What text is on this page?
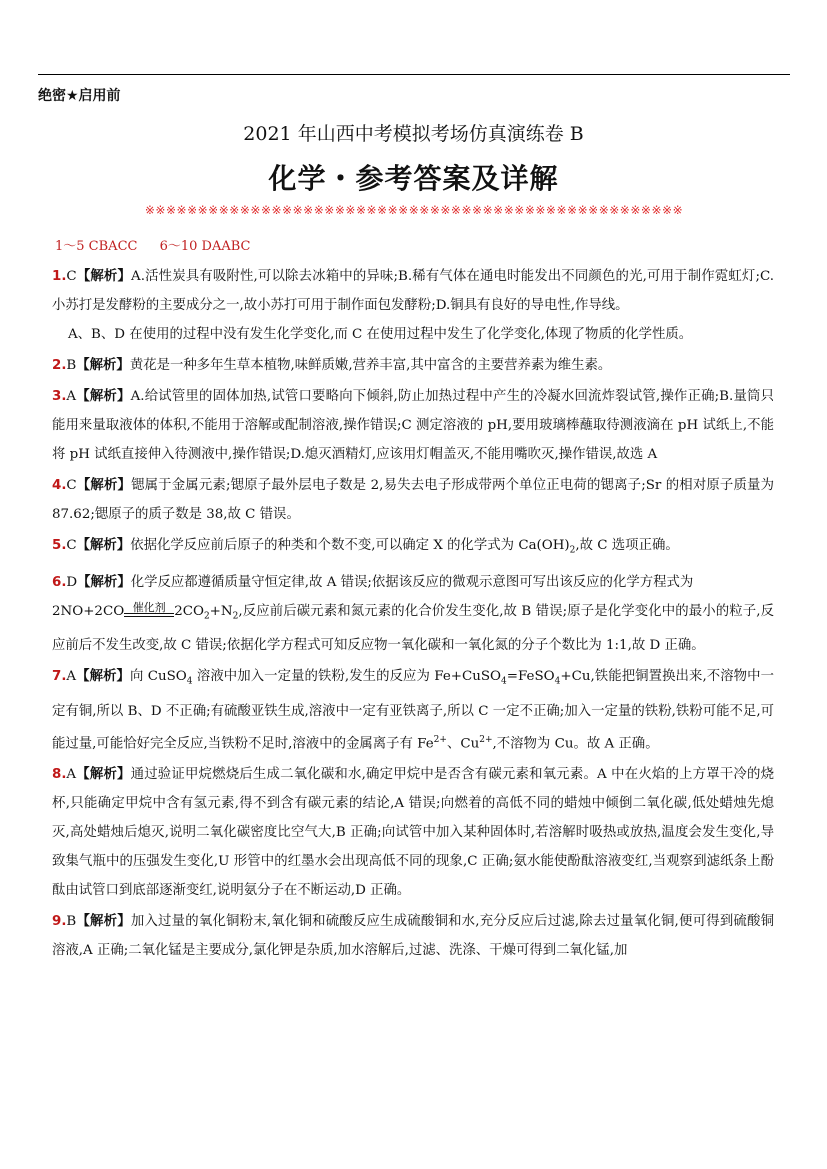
绝密★启用前
2021 年山西中考模拟考场仿真演练卷 B
化学・参考答案及详解
※※※※※※※※※※※※※※※※※※※※※※※※※※※※※※※※※※※※※※※※※※※※※※※※※※※
1～5 CBACC 6～10 DAABC

1.C【解析】A.活性炭具有吸附性,可以除去冰箱中的异味;B.稀有气体在通电时能发出不同颜色的光,可用于制作霓虹灯;C.小苏打是发酵粉的主要成分之一,故小苏打可用于制作面包发酵粉;D.铜具有良好的导电性,作导线。
A、B、D 在使用的过程中没有发生化学变化,而 C 在使用过程中发生了化学变化,体现了物质的化学性质。

2.B【解析】黄花是一种多年生草本植物,味鲜质嫩,营养丰富,其中富含的主要营养素为维生素。

3.A【解析】A.给试管里的固体加热,试管口要略向下倾斜,防止加热过程中产生的冷凝水回流炸裂试管,操作正确;B.量筒只能用来量取液体的体积,不能用于溶解或配制溶液,操作错误;C 测定溶液的 pH,要用玻璃棒蘸取待测液滴在 pH 试纸上,不能将 pH 试纸直接伸入待测液中,操作错误;D.熄灭酒精灯,应该用灯帽盖灭,不能用嘴吹灭,操作错误,故选 A

4.C【解析】锶属于金属元素;锶原子最外层电子数是 2,易失去电子形成带两个单位正电荷的锶离子;Sr 的相对原子质量为 87.62;锶原子的质子数是 38,故 C 错误。

5.C【解析】依据化学反应前后原子的种类和个数不变,可以确定 X 的化学式为 $Ca(OH)_2$,故 C 选项正确。

6.D【解析】化学反应都遵循质量守恒定律,故 A 错误;依据该反应的微观示意图可写出该反应的化学方程式为
2NO+2CO 催化剂 $2CO_2+N_2$,反应前后碳元素和氮元素的化合价发生变化,故 B 错误;原子是化学变化中的最小的粒子,反应前后不发生改变,故 C 错误;依据化学方程式可知反应物一氧化碳和一氧化氮的分子个数比为 1:1,故 D 正确。

7.A【解析】向 CuSO$_4$ 溶液中加入一定量的铁粉,发生的反应为 Fe+CuSO$_4$=FeSO$_4$+Cu,铁能把铜置换出来,不溶物中一定有铜,所以 B、D 不正确;有硫酸亚铁生成,溶液中一定有亚铁离子,所以 C 一定不正确;加入一定量的铁粉,铁粉可能不足,可能过量,可能恰好完全反应,当铁粉不足时,溶液中的金属离子有 $Fe^{2+}$、$Cu^{2+}$,不溶物为 Cu。故 A 正确。

8.A【解析】通过验证甲烷燃烧后生成二氧化碳和水,确定甲烷中是否含有碳元素和氧元素。A 中在火焰的上方罩干冷的烧杯,只能确定甲烷中含有氢元素,得不到含有碳元素的结论,A 错误;向燃着的高低不同的蜡烛中倾倒二氧化碳,低处蜡烛先熄灭,高处蜡烛后熄灭,说明二氧化碳密度比空气大,B 正确;向试管中加入某种固体时,若溶解时吸热或放热,温度会发生变化,导致集气瓶中的压强发生变化,U 形管中的红墨水会出现高低不同的现象,C 正确;氨水能使酚酞溶液变红,当观察到滤纸条上酚酞由试管口到底部逐渐变红,说明氨分子在不断运动,D 正确。

9.B【解析】加入过量的氧化铜粉末,氧化铜和硫酸反应生成硫酸铜和水,充分反应后过滤,除去过量氧化铜,便可得到硫酸铜溶液,A 正确;二氧化锰是主要成分,氯化钾是杂质,加水溶解后,过滤、洗涤、干燥可得到二氧化锰,加
